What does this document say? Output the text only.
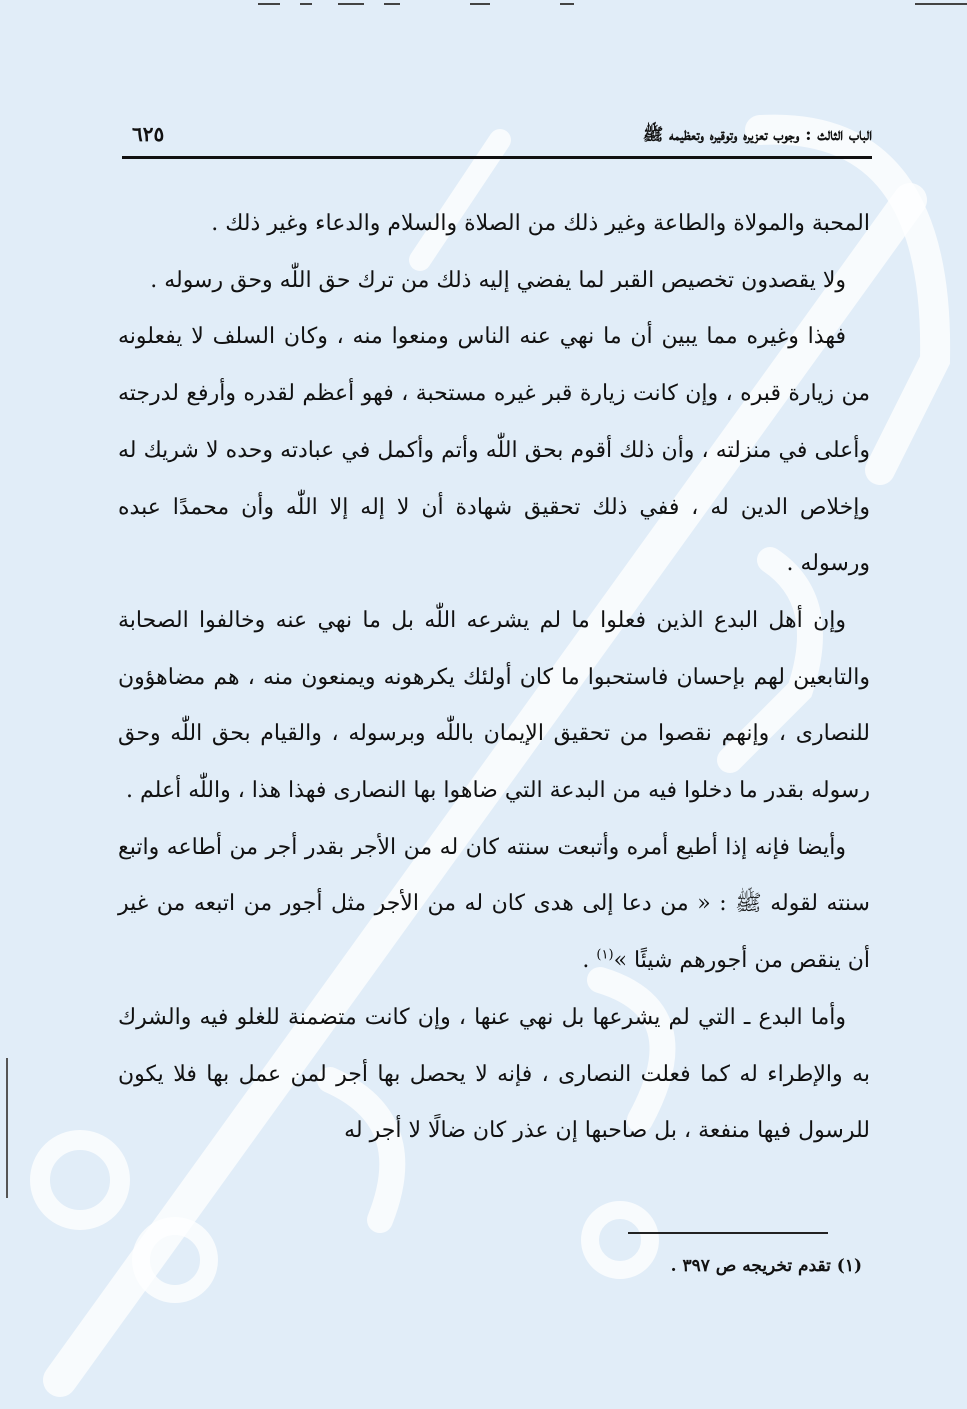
الباب الثالث : وجوب تعزيره وتوقيره وتعظيمه ﷺ
٦٢٥

المحبة والمولاة والطاعة وغير ذلك من الصلاة والسلام والدعاء وغير ذلك .

ولا يقصدون تخصيص القبر لما يفضي إليه ذلك من ترك حق اللّٰه وحق رسوله .

فهذا وغيره مما يبين أن ما نهي عنه الناس ومنعوا منه ، وكان السلف لا يفعلونه من زيارة قبره ، وإن كانت زيارة قبر غيره مستحبة ، فهو أعظم لقدره وأرفع لدرجته وأعلى في منزلته ، وأن ذلك أقوم بحق اللّٰه وأتم وأكمل في عبادته وحده لا شريك له وإخلاص الدين له ، ففي ذلك تحقيق شهادة أن لا إله إلا اللّٰه وأن محمدًا عبده ورسوله .

وإن أهل البدع الذين فعلوا ما لم يشرعه اللّٰه بل ما نهي عنه وخالفوا الصحابة والتابعين لهم بإحسان فاستحبوا ما كان أولئك يكرهونه ويمنعون منه ، هم مضاهؤون للنصارى ، وإنهم نقصوا من تحقيق الإيمان باللّٰه وبرسوله ، والقيام بحق اللّٰه وحق رسوله بقدر ما دخلوا فيه من البدعة التي ضاهوا بها النصارى فهذا هذا ، واللّٰه أعلم .

وأيضا فإنه إذا أطيع أمره وأتبعت سنته كان له من الأجر بقدر أجر من أطاعه واتبع سنته لقوله ﷺ : « من دعا إلى هدى كان له من الأجر مثل أجور من اتبعه من غير أن ينقص من أجورهم شيئًا »$^{(١)}$ .

وأما البدع ـ التي لم يشرعها بل نهي عنها ، وإن كانت متضمنة للغلو فيه والشرك به والإطراء له كما فعلت النصارى ، فإنه لا يحصل بها أجر لمن عمل بها فلا يكون للرسول فيها منفعة ، بل صاحبها إن عذر كان ضالًا لا أجر له

(١) تقدم تخريجه ص ٣٩٧ .
